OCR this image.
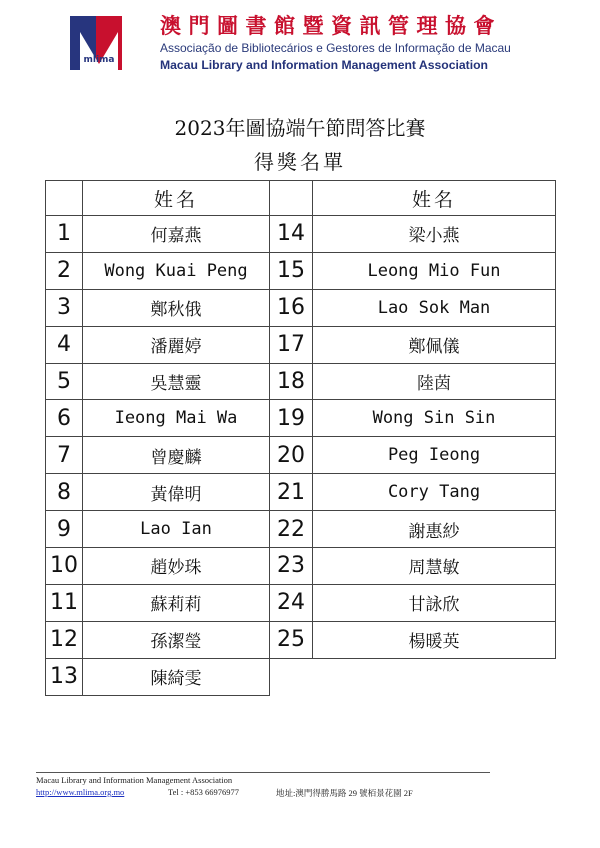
mlima
澳門圖書館暨資訊管理協會
Associação de Bibliotecários e Gestores de Informação de Macau
Macau Library and Information Management Association
2023年圖協端午節問答比賽
得獎名單
	姓名		姓名
1	何嘉燕	14	梁小燕
2	Wong Kuai Peng	15	Leong Mio Fun
3	鄭秋俄	16	Lao Sok Man
4	潘麗婷	17	鄭佩儀
5	吳慧靈	18	陸茵
6	Ieong Mai Wa	19	Wong Sin Sin
7	曾慶麟	20	Peg Ieong
8	黃偉明	21	Cory Tang
9	Lao Ian	22	謝惠紗
10	趙妙珠	23	周慧敏
11	蘇莉莉	24	甘詠欣
12	孫潔瑩	25	楊暖英
13	陳綺雯		
Macau Library and Information Management Association
http://www.mlima.org.mo	Tel : +853 66976977	地址:澳門得勝馬路 29 號栢景花園 2F
